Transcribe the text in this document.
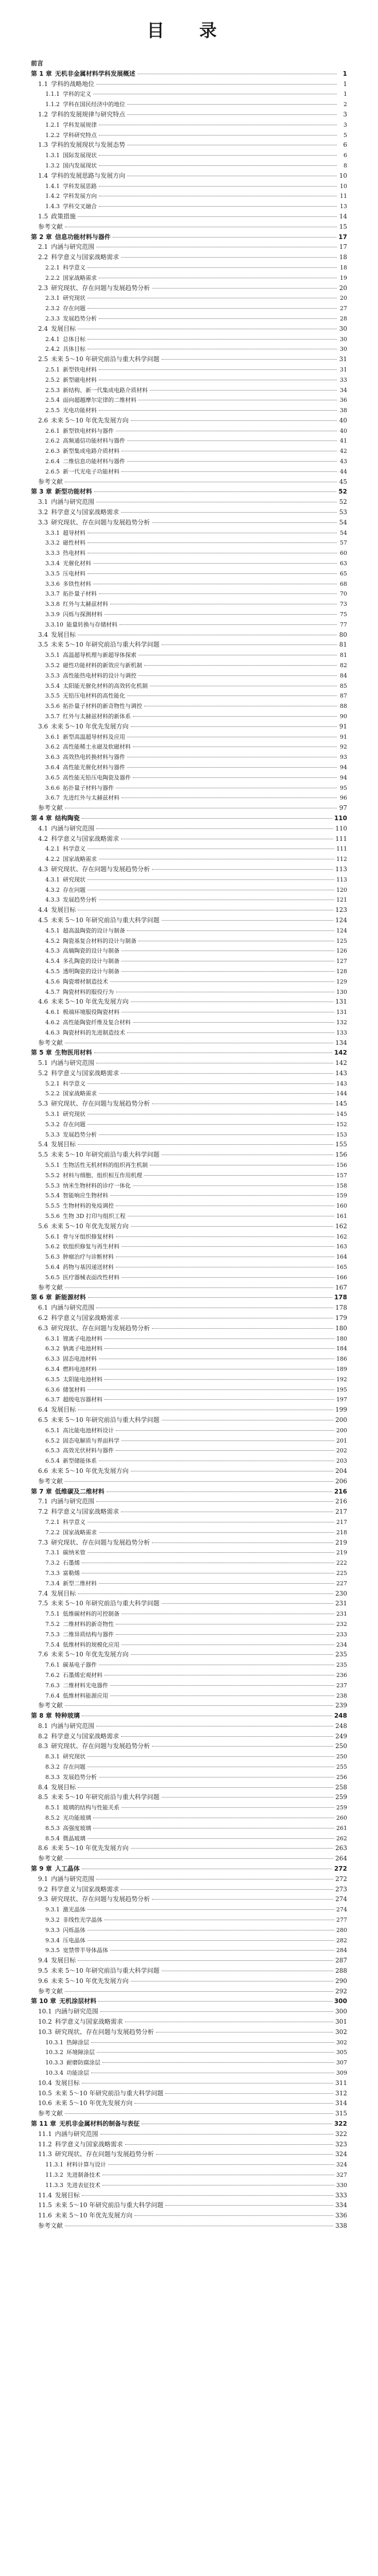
目 录
前言
第 1 章 无机非金属材料学科发展概述	1
1.1 学科的战略地位	1
1.1.1 学科的定义	1
1.1.2 学科在国民经济中的地位	2
1.2 学科的发展规律与研究特点	3
1.2.1 学科发展规律	3
1.2.2 学科研究特点	5
1.3 学科的发展现状与发展态势	6
1.3.1 国际发展现状	6
1.3.2 国内发展现状	8
1.4 学科的发展思路与发展方向	10
1.4.1 学科发展思路	10
1.4.2 学科发展方向	11
1.4.3 学科交叉融合	13
1.5 政策措施	14
参考文献	15
第 2 章 信息功能材料与器件	17
2.1 内涵与研究范围	17
2.2 科学意义与国家战略需求	18
2.2.1 科学意义	18
2.2.2 国家战略需求	19
2.3 研究现状、存在问题与发展趋势分析	20
2.3.1 研究现状	20
2.3.2 存在问题	27
2.3.3 发展趋势分析	28
2.4 发展目标	30
2.4.1 总体目标	30
2.4.2 具体目标	30
2.5 未来 5～10 年研究前沿与重大科学问题	31
2.5.1 新型铁电材料	31
2.5.2 新型磁电材料	33
2.5.3 新结构、新一代集成电路介质材料	34
2.5.4 面向超越摩尔定律的二维材料	36
2.5.5 光电功能材料	38
2.6 未来 5～10 年优先发展方向	40
2.6.1 新型铁电材料与器件	40
2.6.2 高频通信功能材料与器件	41
2.6.3 新型集成电路介质材料	42
2.6.4 二维信息功能材料与器件	43
2.6.5 新一代光电子功能材料	44
参考文献	45
第 3 章 新型功能材料	52
3.1 内涵与研究范围	52
3.2 科学意义与国家战略需求	53
3.3 研究现状、存在问题与发展趋势分析	54
3.3.1 超导材料	54
3.3.2 磁性材料	57
3.3.3 热电材料	60
3.3.4 光催化材料	63
3.3.5 压电材料	65
3.3.6 多铁性材料	68
3.3.7 拓扑量子材料	70
3.3.8 红外与太赫兹材料	73
3.3.9 闪烁与探测材料	75
3.3.10 能量转换与存储材料	77
3.4 发展目标	80
3.5 未来 5～10 年研究前沿与重大科学问题	81
3.5.1 高温超导机理与新超导体探索	81
3.5.2 磁性功能材料的新效应与新机制	82
3.5.3 高性能热电材料的设计与调控	84
3.5.4 太阳能光催化材料的高效转化机制	85
3.5.5 无铅压电材料的高性能化	87
3.5.6 拓扑量子材料的新奇物性与调控	88
3.5.7 红外与太赫兹材料的新体系	90
3.6 未来 5～10 年优先发展方向	91
3.6.1 新型高温超导材料及应用	91
3.6.2 高性能稀土永磁及软磁材料	92
3.6.3 高效热电转换材料与器件	93
3.6.4 高性能光催化材料与器件	94
3.6.5 高性能无铅压电陶瓷及器件	94
3.6.6 拓扑量子材料与器件	95
3.6.7 先进红外与太赫兹材料	96
参考文献	97
第 4 章 结构陶瓷	110
4.1 内涵与研究范围	110
4.2 科学意义与国家战略需求	111
4.2.1 科学意义	111
4.2.2 国家战略需求	112
4.3 研究现状、存在问题与发展趋势分析	113
4.3.1 研究现状	113
4.3.2 存在问题	120
4.3.3 发展趋势分析	121
4.4 发展目标	123
4.5 未来 5～10 年研究前沿与重大科学问题	124
4.5.1 超高温陶瓷的设计与制备	124
4.5.2 陶瓷基复合材料的设计与制备	125
4.5.3 高熵陶瓷的设计与制备	126
4.5.4 多孔陶瓷的设计与制备	127
4.5.5 透明陶瓷的设计与制备	128
4.5.6 陶瓷增材制造技术	129
4.5.7 陶瓷材料的服役行为	130
4.6 未来 5～10 年优先发展方向	131
4.6.1 极端环境服役陶瓷材料	131
4.6.2 高性能陶瓷纤维及复合材料	132
4.6.3 陶瓷材料的先进制造技术	133
参考文献	134
第 5 章 生物医用材料	142
5.1 内涵与研究范围	142
5.2 科学意义与国家战略需求	143
5.2.1 科学意义	143
5.2.2 国家战略需求	144
5.3 研究现状、存在问题与发展趋势分析	145
5.3.1 研究现状	145
5.3.2 存在问题	152
5.3.3 发展趋势分析	153
5.4 发展目标	155
5.5 未来 5～10 年研究前沿与重大科学问题	156
5.5.1 生物活性无机材料的组织再生机制	156
5.5.2 材料与细胞、组织相互作用机理	157
5.5.3 纳米生物材料的诊疗一体化	158
5.5.4 智能响应生物材料	159
5.5.5 生物材料的免疫调控	160
5.5.6 生物 3D 打印与组织工程	161
5.6 未来 5～10 年优先发展方向	162
5.6.1 骨与牙组织修复材料	162
5.6.2 软组织修复与再生材料	163
5.6.3 肿瘤治疗与诊断材料	164
5.6.4 药物与基因递送材料	165
5.6.5 医疗器械表面改性材料	166
参考文献	167
第 6 章 新能源材料	178
6.1 内涵与研究范围	178
6.2 科学意义与国家战略需求	179
6.3 研究现状、存在问题与发展趋势分析	180
6.3.1 锂离子电池材料	180
6.3.2 钠离子电池材料	184
6.3.3 固态电池材料	186
6.3.4 燃料电池材料	189
6.3.5 太阳能电池材料	192
6.3.6 储氢材料	195
6.3.7 超级电容器材料	197
6.4 发展目标	199
6.5 未来 5～10 年研究前沿与重大科学问题	200
6.5.1 高比能电池材料设计	200
6.5.2 固态电解质与界面科学	201
6.5.3 高效光伏材料与器件	202
6.5.4 新型储能体系	203
6.6 未来 5～10 年优先发展方向	204
参考文献	206
第 7 章 低维碳及二维材料	216
7.1 内涵与研究范围	216
7.2 科学意义与国家战略需求	217
7.2.1 科学意义	217
7.2.2 国家战略需求	218
7.3 研究现状、存在问题与发展趋势分析	219
7.3.1 碳纳米管	219
7.3.2 石墨烯	222
7.3.3 富勒烯	225
7.3.4 新型二维材料	227
7.4 发展目标	230
7.5 未来 5～10 年研究前沿与重大科学问题	231
7.5.1 低维碳材料的可控制备	231
7.5.2 二维材料的新奇物性	232
7.5.3 二维异质结构与器件	233
7.5.4 低维材料的规模化应用	234
7.6 未来 5～10 年优先发展方向	235
7.6.1 碳基电子器件	235
7.6.2 石墨烯宏观材料	236
7.6.3 二维材料光电器件	237
7.6.4 低维材料能源应用	238
参考文献	239
第 8 章 特种玻璃	248
8.1 内涵与研究范围	248
8.2 科学意义与国家战略需求	249
8.3 研究现状、存在问题与发展趋势分析	250
8.3.1 研究现状	250
8.3.2 存在问题	255
8.3.3 发展趋势分析	256
8.4 发展目标	258
8.5 未来 5～10 年研究前沿与重大科学问题	259
8.5.1 玻璃的结构与性能关系	259
8.5.2 光功能玻璃	260
8.5.3 高强度玻璃	261
8.5.4 微晶玻璃	262
8.6 未来 5～10 年优先发展方向	263
参考文献	264
第 9 章 人工晶体	272
9.1 内涵与研究范围	272
9.2 科学意义与国家战略需求	273
9.3 研究现状、存在问题与发展趋势分析	274
9.3.1 激光晶体	274
9.3.2 非线性光学晶体	277
9.3.3 闪烁晶体	280
9.3.4 压电晶体	282
9.3.5 宽禁带半导体晶体	284
9.4 发展目标	287
9.5 未来 5～10 年研究前沿与重大科学问题	288
9.6 未来 5～10 年优先发展方向	290
参考文献	292
第 10 章 无机涂层材料	300
10.1 内涵与研究范围	300
10.2 科学意义与国家战略需求	301
10.3 研究现状、存在问题与发展趋势分析	302
10.3.1 热障涂层	302
10.3.2 环境障涂层	305
10.3.3 耐磨防腐涂层	307
10.3.4 功能涂层	309
10.4 发展目标	311
10.5 未来 5～10 年研究前沿与重大科学问题	312
10.6 未来 5～10 年优先发展方向	314
参考文献	315
第 11 章 无机非金属材料的制备与表征	322
11.1 内涵与研究范围	322
11.2 科学意义与国家战略需求	323
11.3 研究现状、存在问题与发展趋势分析	324
11.3.1 材料计算与设计	324
11.3.2 先进制备技术	327
11.3.3 先进表征技术	330
11.4 发展目标	333
11.5 未来 5～10 年研究前沿与重大科学问题	334
11.6 未来 5～10 年优先发展方向	336
参考文献	338
